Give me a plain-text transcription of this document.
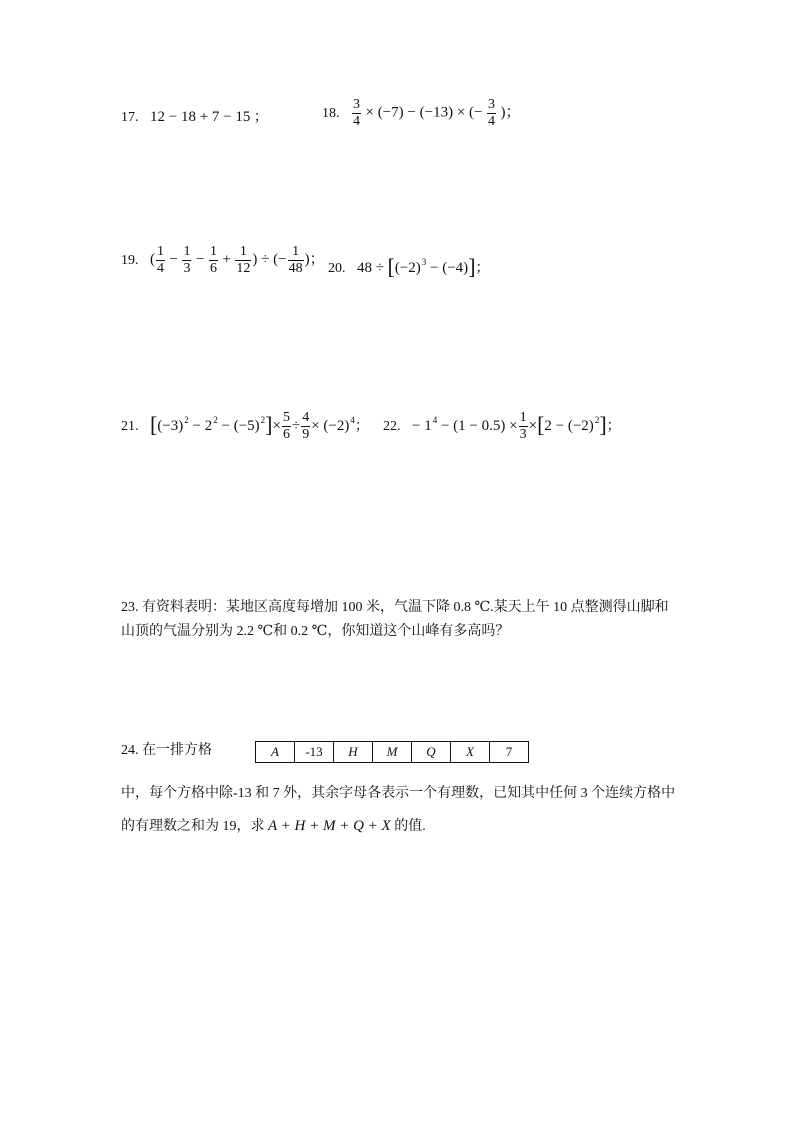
17. 12 − 18 + 7 − 15 ；	18. $\frac{3}{4} \times (-7) - (-13)$ × (− $\frac{3}{4}$ )；
19. ( $\frac{1}{4} - \frac{1}{3} - \frac{1}{6} + \frac{1}{12}$ ) ÷ (− $\frac{1}{48}$ )；
20. $48 \div [(-2)^3 - (-4)]$；
21. $[(-3)^2 - 2^2 - (-5)^2]\times \frac{5}{6} \div \frac{4}{9} \times (-2)^4$； 22. − $1^4 - (1 - 0.5) \times \frac{1}{3} \times[2 - (-2)^2]$；
23. 有资料表明：某地区高度每增加 100 米，气温下降 0.8 ℃.某天上午 10 点整测得山脚和
山顶的气温分别为 2.2 ℃和 0.2 ℃，你知道这个山峰有多高吗？
24. 在一排方格	A	-13	H	M	Q	X	7
中，每个方格中除-13 和 7 外，其余字母各表示一个有理数，已知其中任何 3 个连续方格中
的有理数之和为 19，求 A + H + M + Q + X 的值.
